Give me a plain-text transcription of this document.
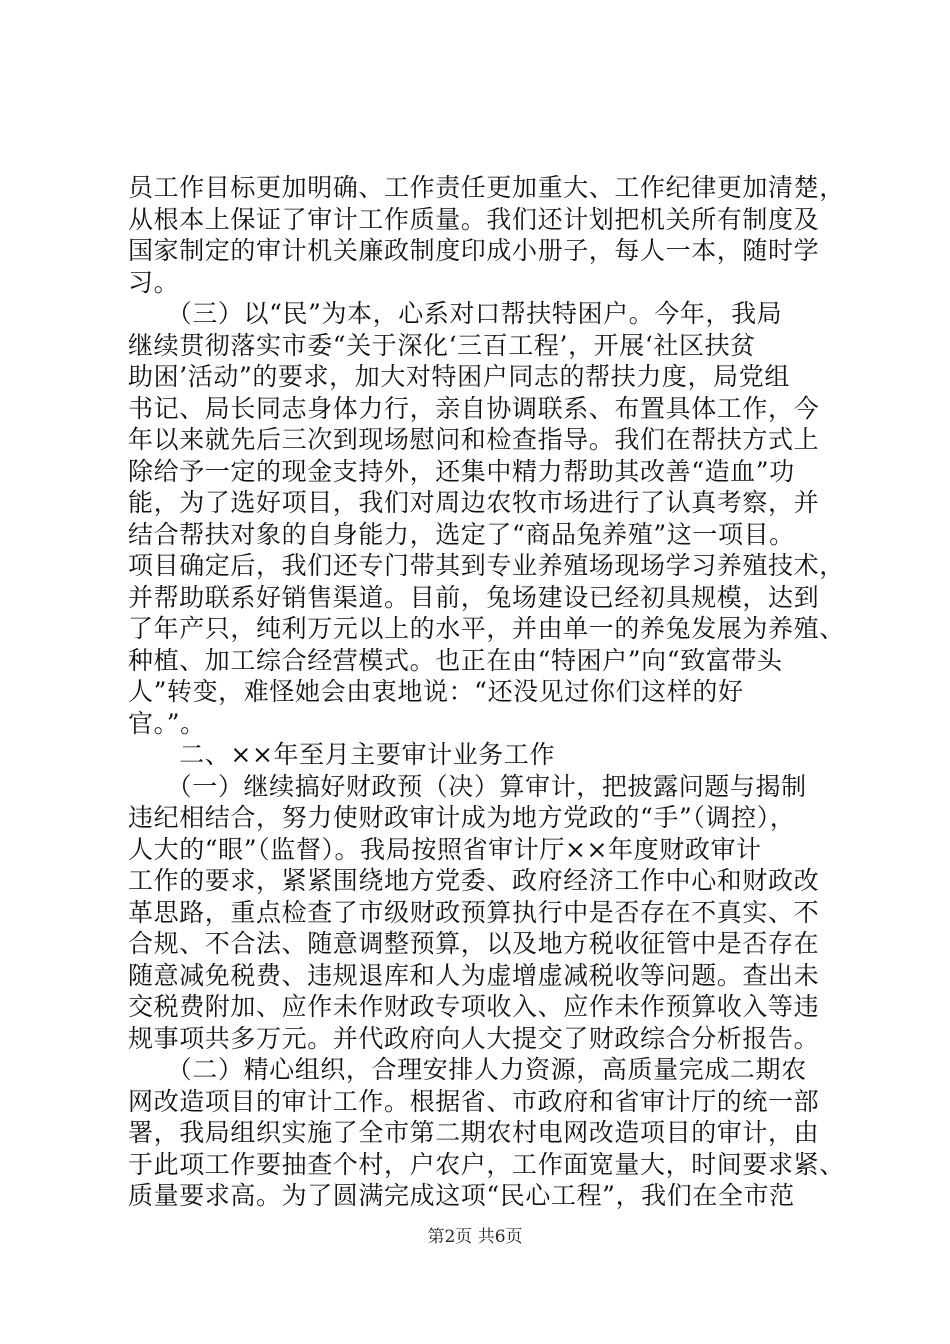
员工作目标更加明确、工作责任更加重大、工作纪律更加清楚，
从根本上保证了审计工作质量。我们还计划把机关所有制度及
国家制定的审计机关廉政制度印成小册子，每人一本，随时学
习。
　　（三）以“民”为本，心系对口帮扶特困户。今年，我局
继续贯彻落实市委“关于深化‘三百工程’，开展‘社区扶贫
助困’活动”的要求，加大对特困户同志的帮扶力度，局党组
书记、局长同志身体力行，亲自协调联系、布置具体工作，今
年以来就先后三次到现场慰问和检查指导。我们在帮扶方式上
除给予一定的现金支持外，还集中精力帮助其改善“造血”功
能，为了选好项目，我们对周边农牧市场进行了认真考察，并
结合帮扶对象的自身能力，选定了“商品兔养殖”这一项目。
项目确定后，我们还专门带其到专业养殖场现场学习养殖技术，
并帮助联系好销售渠道。目前，兔场建设已经初具规模，达到
了年产只，纯利万元以上的水平，并由单一的养兔发展为养殖、
种植、加工综合经营模式。也正在由“特困户”向“致富带头
人”转变，难怪她会由衷地说：“还没见过你们这样的好
官。”。
　　二、××年至月主要审计业务工作
　　（一）继续搞好财政预（决）算审计，把披露问题与揭制
违纪相结合，努力使财政审计成为地方党政的“手”（调控），
人大的“眼”（监督）。我局按照省审计厅××年度财政审计
工作的要求，紧紧围绕地方党委、政府经济工作中心和财政改
革思路，重点检查了市级财政预算执行中是否存在不真实、不
合规、不合法、随意调整预算，以及地方税收征管中是否存在
随意减免税费、违规退库和人为虚增虚减税收等问题。查出未
交税费附加、应作未作财政专项收入、应作未作预算收入等违
规事项共多万元。并代政府向人大提交了财政综合分析报告。
　　（二）精心组织，合理安排人力资源，高质量完成二期农
网改造项目的审计工作。根据省、市政府和省审计厅的统一部
署，我局组织实施了全市第二期农村电网改造项目的审计，由
于此项工作要抽查个村，户农户，工作面宽量大，时间要求紧、
质量要求高。为了圆满完成这项“民心工程”，我们在全市范
第2页 共6页
